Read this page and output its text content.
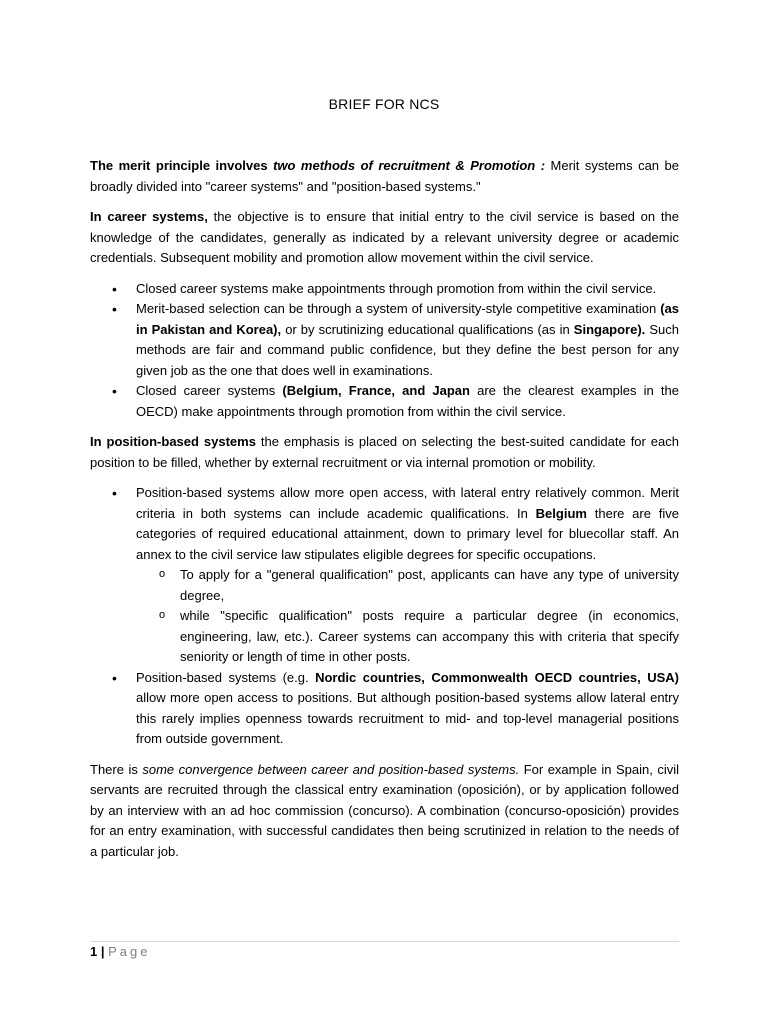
BRIEF FOR NCS

The merit principle involves two methods of recruitment & Promotion : Merit systems can be broadly divided into "career systems" and "position-based systems."

In career systems, the objective is to ensure that initial entry to the civil service is based on the knowledge of the candidates, generally as indicated by a relevant university degree or academic credentials. Subsequent mobility and promotion allow movement within the civil service.

• Closed career systems make appointments through promotion from within the civil service.
• Merit-based selection can be through a system of university-style competitive examination (as in Pakistan and Korea), or by scrutinizing educational qualifications (as in Singapore). Such methods are fair and command public confidence, but they define the best person for any given job as the one that does well in examinations.
• Closed career systems (Belgium, France, and Japan are the clearest examples in the OECD) make appointments through promotion from within the civil service.

In position-based systems the emphasis is placed on selecting the best-suited candidate for each position to be filled, whether by external recruitment or via internal promotion or mobility.

• Position-based systems allow more open access, with lateral entry relatively common. Merit criteria in both systems can include academic qualifications. In Belgium there are five categories of required educational attainment, down to primary level for bluecollar staff. An annex to the civil service law stipulates eligible degrees for specific occupations.
o To apply for a "general qualification" post, applicants can have any type of university degree,
o while "specific qualification" posts require a particular degree (in economics, engineering, law, etc.). Career systems can accompany this with criteria that specify seniority or length of time in other posts.
• Position-based systems (e.g. Nordic countries, Commonwealth OECD countries, USA) allow more open access to positions. But although position-based systems allow lateral entry this rarely implies openness towards recruitment to mid- and top-level managerial positions from outside government.

There is some convergence between career and position-based systems. For example in Spain, civil servants are recruited through the classical entry examination (oposición), or by application followed by an interview with an ad hoc commission (concurso). A combination (concurso-oposición) provides for an entry examination, with successful candidates then being scrutinized in relation to the needs of a particular job.

1 | Page
